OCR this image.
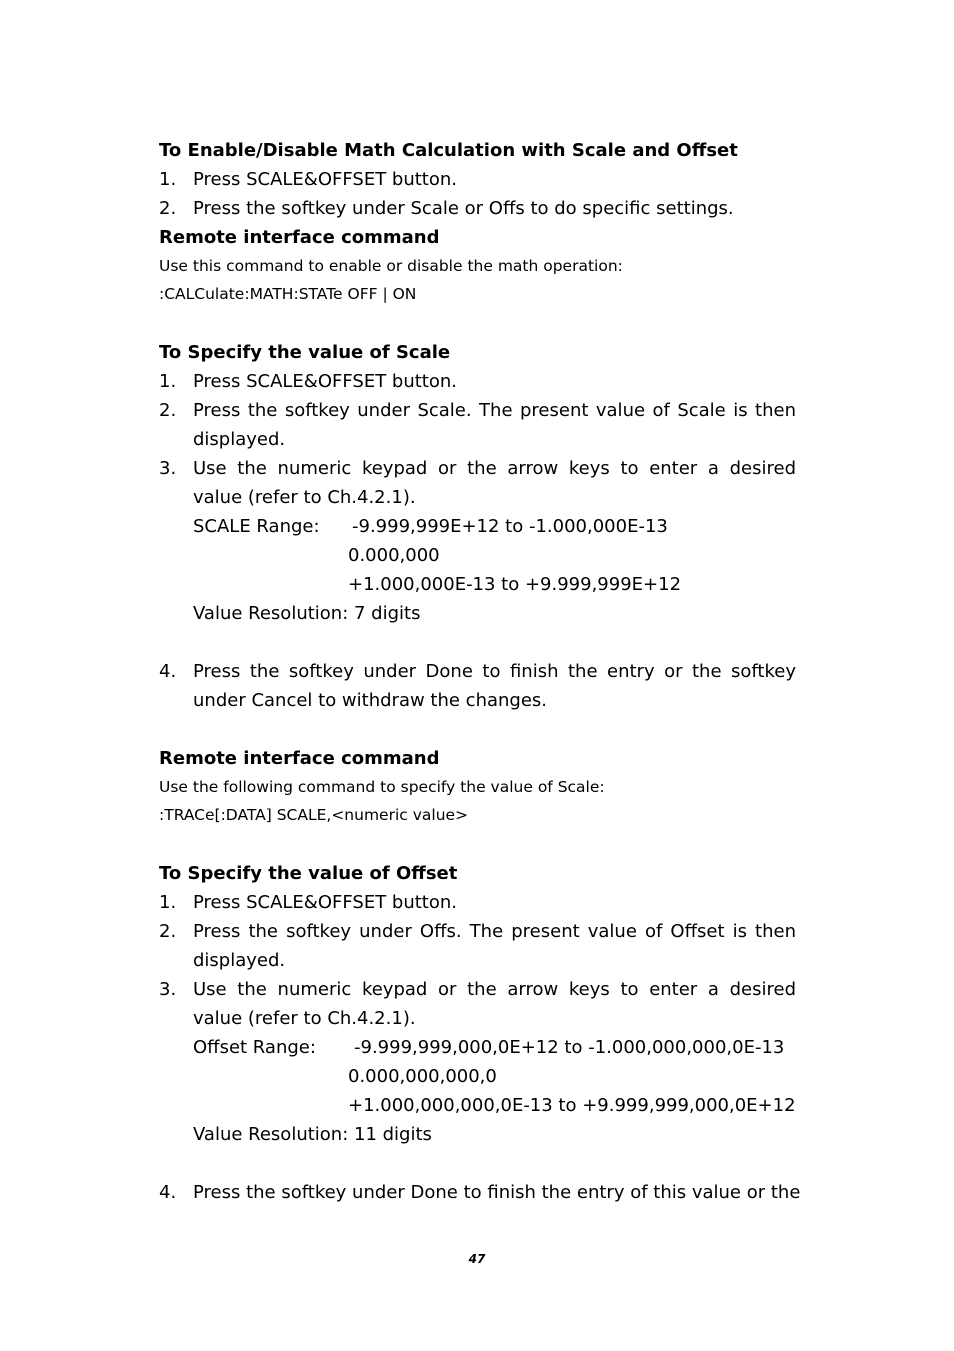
To Enable/Disable Math Calculation with Scale and Offset
1. Press SCALE&OFFSET button.
2. Press the softkey under Scale or Offs to do specific settings.
Remote interface command
Use this command to enable or disable the math operation:
:CALCulate:MATH:STATe OFF | ON
To Specify the value of Scale
1. Press SCALE&OFFSET button.
2. Press the softkey under Scale. The present value of Scale is then displayed.
3. Use the numeric keypad or the arrow keys to enter a desired value (refer to Ch.4.2.1).
SCALE Range:	-9.999,999E+12 to -1.000,000E-13
0.000,000
+1.000,000E-13 to +9.999,999E+12
Value Resolution: 7 digits
4. Press the softkey under Done to finish the entry or the softkey under Cancel to withdraw the changes.
Remote interface command
Use the following command to specify the value of Scale:
:TRACe[:DATA] SCALE,<numeric value>
To Specify the value of Offset
1. Press SCALE&OFFSET button.
2. Press the softkey under Offs. The present value of Offset is then displayed.
3. Use the numeric keypad or the arrow keys to enter a desired value (refer to Ch.4.2.1).
Offset Range:	-9.999,999,000,0E+12 to -1.000,000,000,0E-13
0.000,000,000,0
+1.000,000,000,0E-13 to +9.999,999,000,0E+12
Value Resolution: 11 digits
4. Press the softkey under Done to finish the entry of this value or the
47
